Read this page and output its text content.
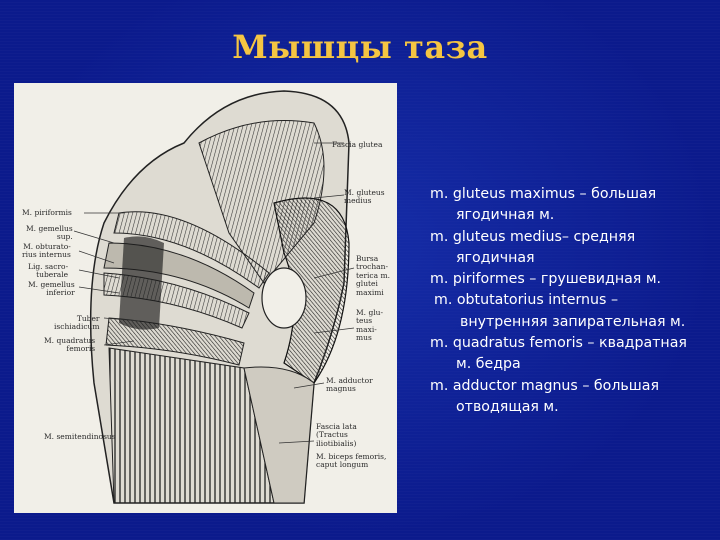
Мышцы таза
Fascia glutea
M. gluteus
medius
M. piriformis
M. gemellus
sup.
M. obturato-
rius internus
Lig. sacro-
tuberale
M. gemellus
inferior
Bursa
trochan-
terica m.
glutei
maximi
M. glu-
teus
maxi-
mus
Tuber
ischiadicum
M. quadratus
femoris
M. adductor
magnus
M. semitendinosus
Fascia lata
(Tractus
iliotibialis)
M. biceps femoris,
caput longum
m. gluteus maximus – большая
ягодичная м.
m. gluteus medius– средняя
ягодичная
m. piriformes – грушевидная м.
m. obtutatorius internus –
внутренняя запирательная м.
m. quadratus femoris – квадратная
м. бедра
m. adductor magnus – большая
отводящая м.
